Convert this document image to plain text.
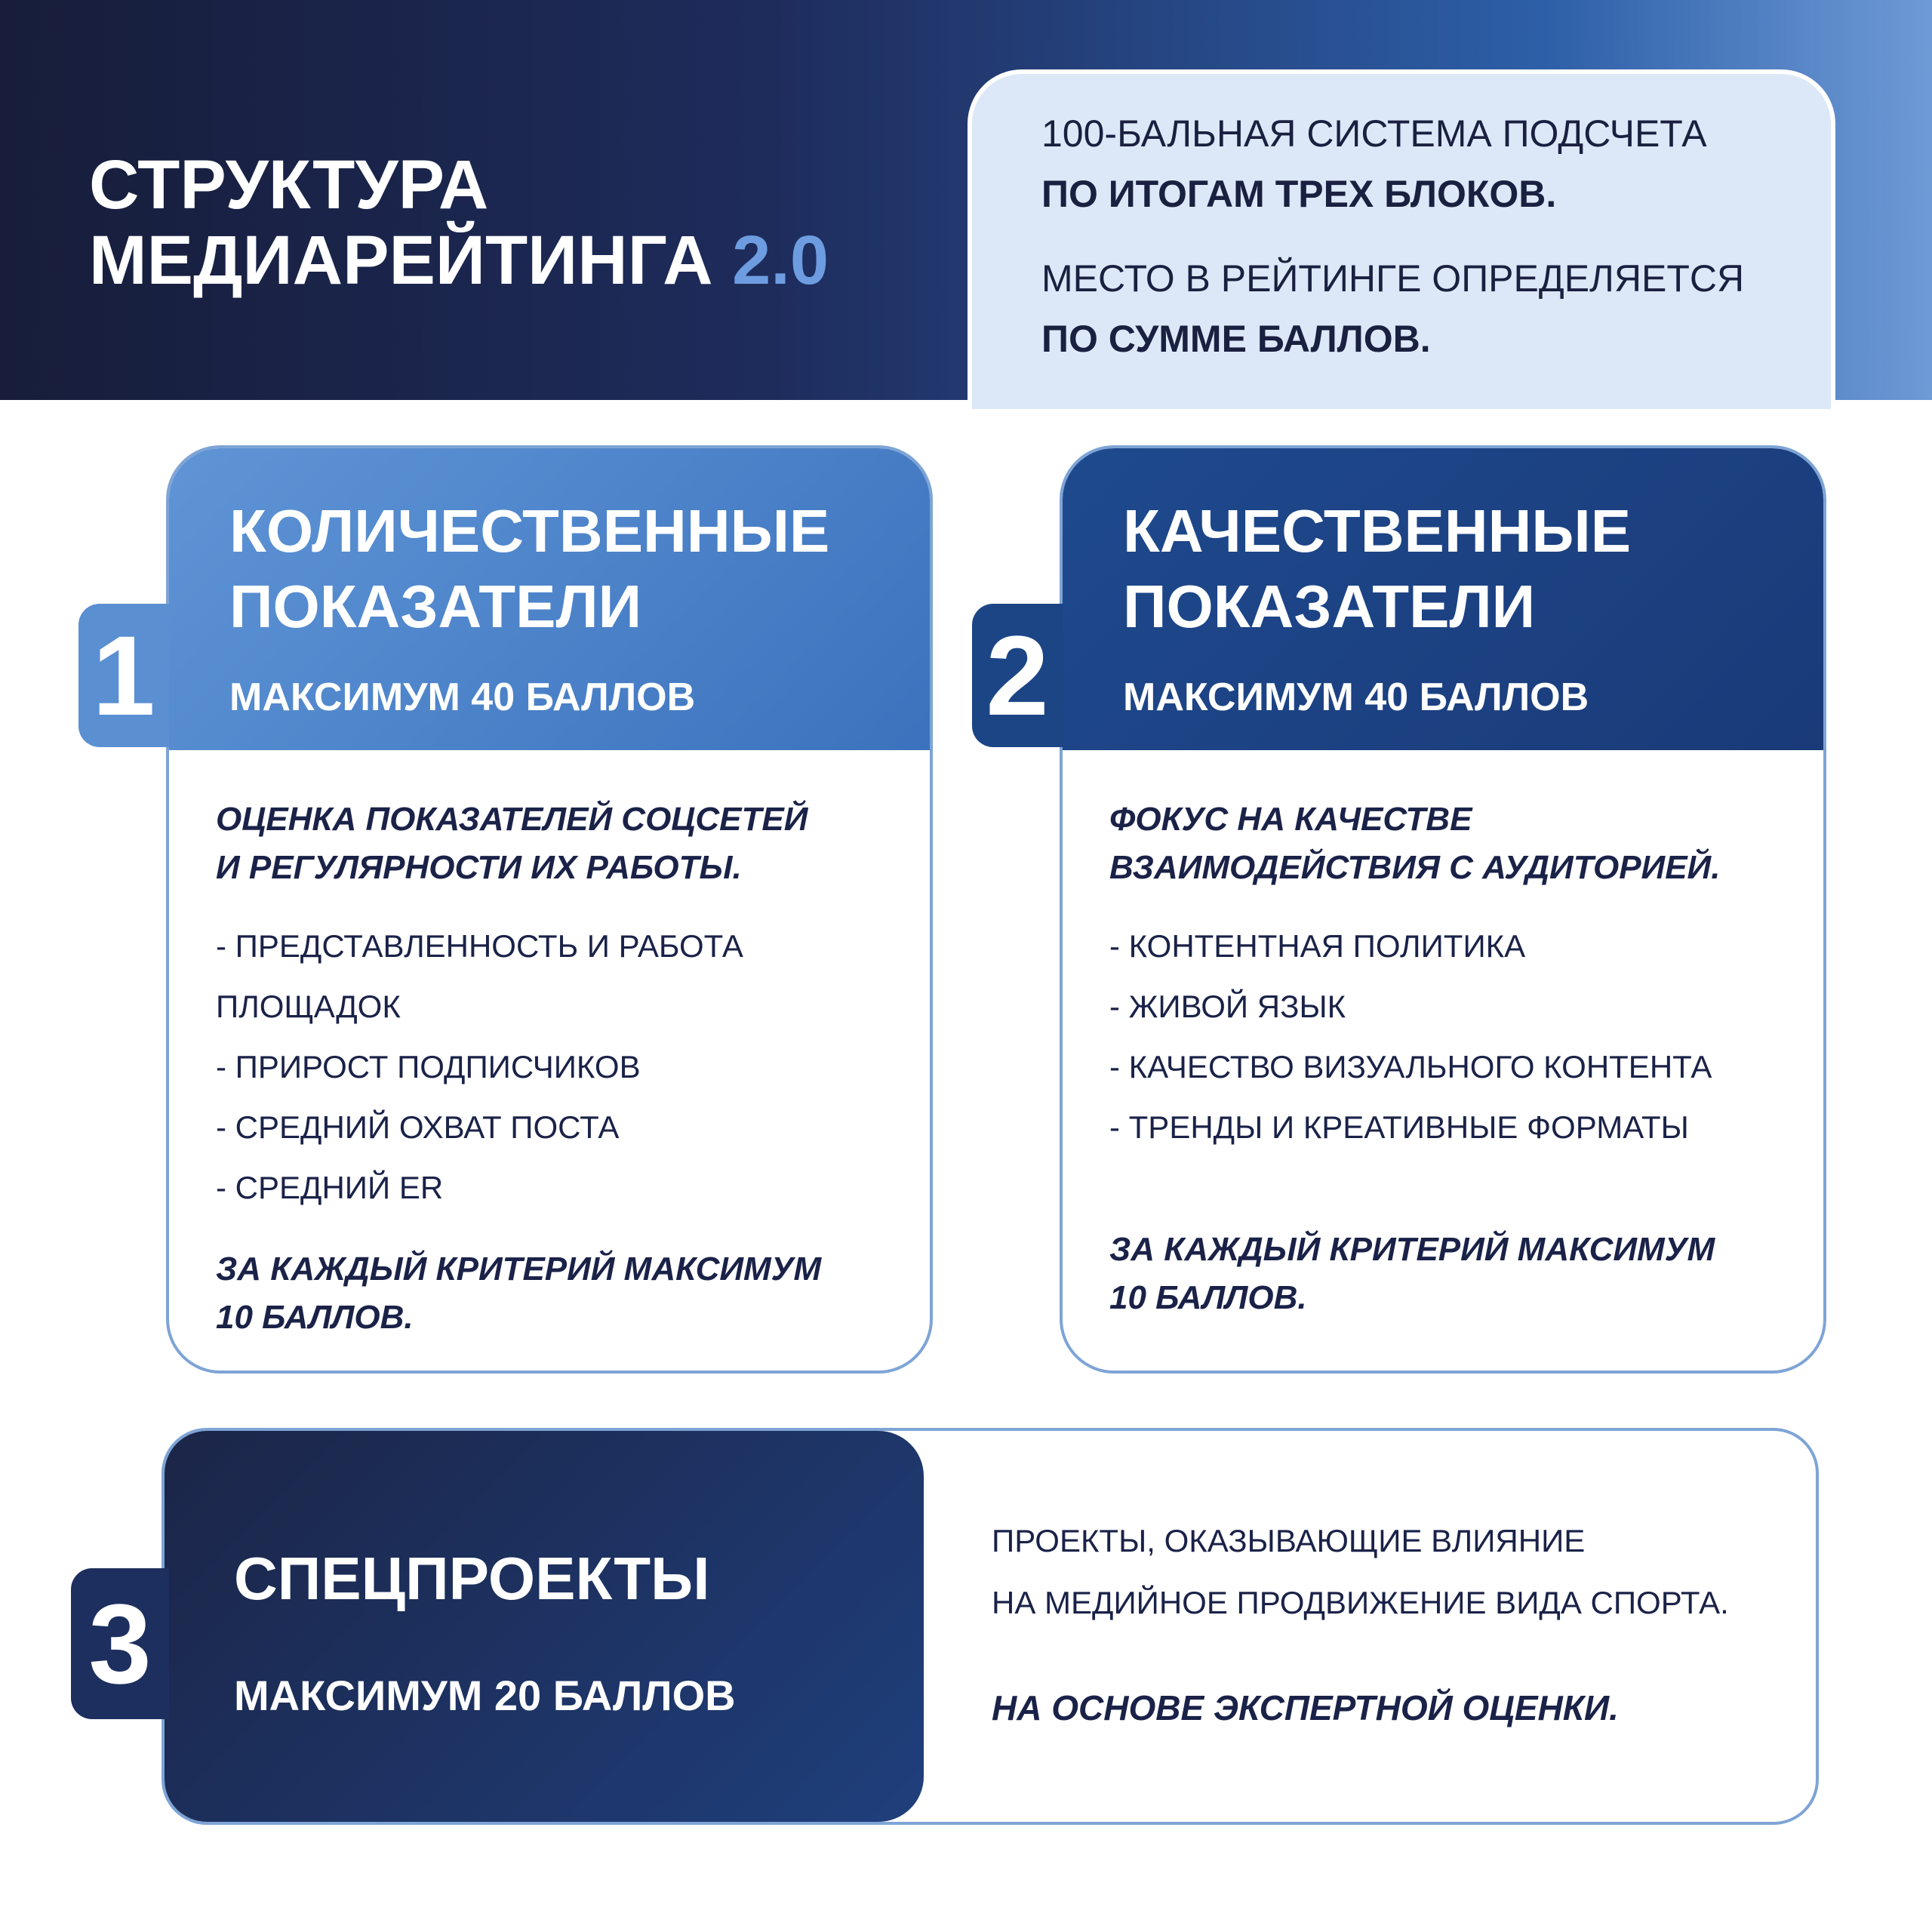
СТРУКТУРА
МЕДИАРЕЙТИНГА 2.0
100-БАЛЬНАЯ СИСТЕМА ПОДСЧЕТА
ПО ИТОГАМ ТРЕХ БЛОКОВ.
МЕСТО В РЕЙТИНГЕ ОПРЕДЕЛЯЕТСЯ
ПО СУММЕ БАЛЛОВ.
КОЛИЧЕСТВЕННЫЕ
ПОКАЗАТЕЛИ
МАКСИМУМ 40 БАЛЛОВ

ОЦЕНКА ПОКАЗАТЕЛЕЙ СОЦСЕТЕЙ
И РЕГУЛЯРНОСТИ ИХ РАБОТЫ.

- ПРЕДСТАВЛЕННОСТЬ И РАБОТА
ПЛОЩАДОК
- ПРИРОСТ ПОДПИСЧИКОВ
- СРЕДНИЙ ОХВАТ ПОСТА
- СРЕДНИЙ ER

ЗА КАЖДЫЙ КРИТЕРИЙ МАКСИМУМ
10 БАЛЛОВ.

1
КАЧЕСТВЕННЫЕ
ПОКАЗАТЕЛИ
МАКСИМУМ 40 БАЛЛОВ

ФОКУС НА КАЧЕСТВЕ
ВЗАИМОДЕЙСТВИЯ С АУДИТОРИЕЙ.

- КОНТЕНТНАЯ ПОЛИТИКА
- ЖИВОЙ ЯЗЫК
- КАЧЕСТВО ВИЗУАЛЬНОГО КОНТЕНТА
- ТРЕНДЫ И КРЕАТИВНЫЕ ФОРМАТЫ

ЗА КАЖДЫЙ КРИТЕРИЙ МАКСИМУМ
10 БАЛЛОВ.

2
СПЕЦПРОЕКТЫ
МАКСИМУМ 20 БАЛЛОВ
ПРОЕКТЫ, ОКАЗЫВАЮЩИЕ ВЛИЯНИЕ
НА МЕДИЙНОЕ ПРОДВИЖЕНИЕ ВИДА СПОРТА.
НА ОСНОВЕ ЭКСПЕРТНОЙ ОЦЕНКИ.
3
